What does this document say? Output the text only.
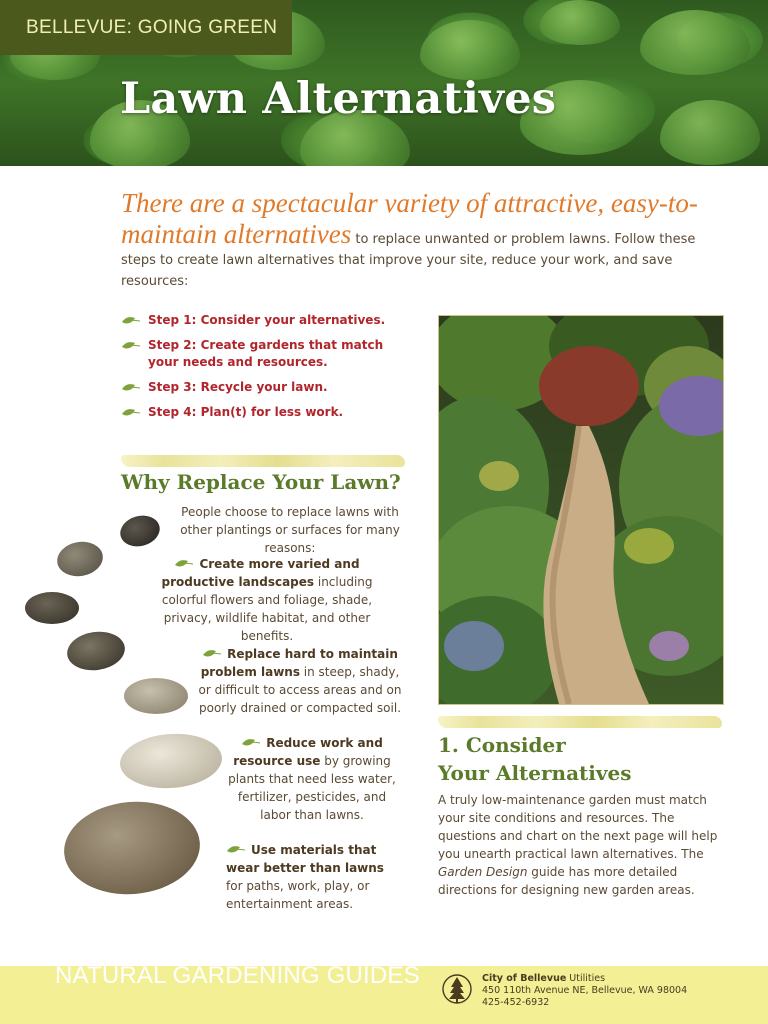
BELLEVUE: GOING GREEN
Lawn Alternatives
There are a spectacular variety of attractive, easy-to-maintain alternatives to replace unwanted or problem lawns. Follow these steps to create lawn alternatives that improve your site, reduce your work, and save resources:
Step 1: Consider your alternatives.
Step 2: Create gardens that match your needs and resources.
Step 3: Recycle your lawn.
Step 4: Plan(t) for less work.
Why Replace Your Lawn?
People choose to replace lawns with other plantings or surfaces for many reasons:
Create more varied and productive landscapes including colorful flowers and foliage, shade, privacy, wildlife habitat, and other benefits.
Replace hard to maintain problem lawns in steep, shady, or difficult to access areas and on poorly drained or compacted soil.
Reduce work and resource use by growing plants that need less water, fertilizer, pesticides, and labor than lawns.
Use materials that wear better than lawns for paths, work, play, or entertainment areas.
1. Consider
Your Alternatives
A truly low-maintenance garden must match your site conditions and resources. The questions and chart on the next page will help you unearth practical lawn alternatives. The Garden Design guide has more detailed directions for designing new garden areas.
NATURAL GARDENING GUIDES	City of Bellevue Utilities
450 110th Avenue NE, Bellevue, WA 98004
425-452-6932
